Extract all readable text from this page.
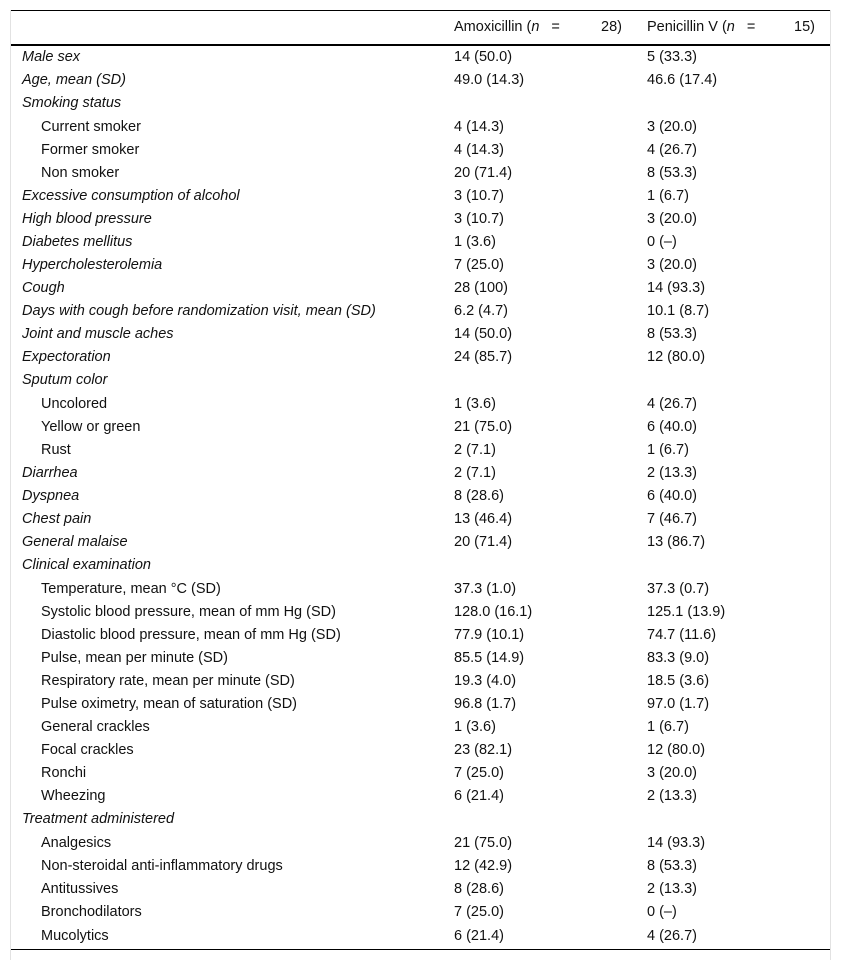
	Amoxicillin (n = 28)	Penicillin V (n = 15)

Male sex	14 (50.0)	5 (33.3)
Age, mean (SD)	49.0 (14.3)	46.6 (17.4)
Smoking status		
Current smoker	4 (14.3)	3 (20.0)
Former smoker	4 (14.3)	4 (26.7)
Non smoker	20 (71.4)	8 (53.3)
Excessive consumption of alcohol	3 (10.7)	1 (6.7)
High blood pressure	3 (10.7)	3 (20.0)
Diabetes mellitus	1 (3.6)	0 (–)
Hypercholesterolemia	7 (25.0)	3 (20.0)
Cough	28 (100)	14 (93.3)
Days with cough before randomization visit, mean (SD)	6.2 (4.7)	10.1 (8.7)
Joint and muscle aches	14 (50.0)	8 (53.3)
Expectoration	24 (85.7)	12 (80.0)
Sputum color		
Uncolored	1 (3.6)	4 (26.7)
Yellow or green	21 (75.0)	6 (40.0)
Rust	2 (7.1)	1 (6.7)
Diarrhea	2 (7.1)	2 (13.3)
Dyspnea	8 (28.6)	6 (40.0)
Chest pain	13 (46.4)	7 (46.7)
General malaise	20 (71.4)	13 (86.7)
Clinical examination		
Temperature, mean °C (SD)	37.3 (1.0)	37.3 (0.7)
Systolic blood pressure, mean of mm Hg (SD)	128.0 (16.1)	125.1 (13.9)
Diastolic blood pressure, mean of mm Hg (SD)	77.9 (10.1)	74.7 (11.6)
Pulse, mean per minute (SD)	85.5 (14.9)	83.3 (9.0)
Respiratory rate, mean per minute (SD)	19.3 (4.0)	18.5 (3.6)
Pulse oximetry, mean of saturation (SD)	96.8 (1.7)	97.0 (1.7)
General crackles	1 (3.6)	1 (6.7)
Focal crackles	23 (82.1)	12 (80.0)
Ronchi	7 (25.0)	3 (20.0)
Wheezing	6 (21.4)	2 (13.3)
Treatment administered		
Analgesics	21 (75.0)	14 (93.3)
Non-steroidal anti-inflammatory drugs	12 (42.9)	8 (53.3)
Antitussives	8 (28.6)	2 (13.3)
Bronchodilators	7 (25.0)	0 (–)
Mucolytics	6 (21.4)	4 (26.7)
